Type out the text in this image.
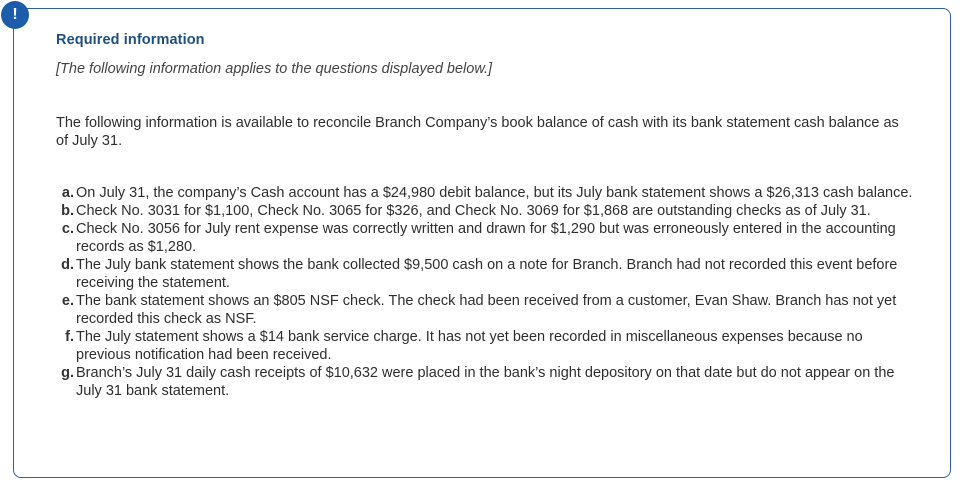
!
Required information
[The following information applies to the questions displayed below.]
The following information is available to reconcile Branch Company’s book balance of cash with its bank statement cash balance as of July 31.
a. On July 31, the company’s Cash account has a $24,980 debit balance, but its July bank statement shows a $26,313 cash balance.
b. Check No. 3031 for $1,100, Check No. 3065 for $326, and Check No. 3069 for $1,868 are outstanding checks as of July 31.
c. Check No. 3056 for July rent expense was correctly written and drawn for $1,290 but was erroneously entered in the accounting records as $1,280.
d. The July bank statement shows the bank collected $9,500 cash on a note for Branch. Branch had not recorded this event before receiving the statement.
e. The bank statement shows an $805 NSF check. The check had been received from a customer, Evan Shaw. Branch has not yet recorded this check as NSF.
f. The July statement shows a $14 bank service charge. It has not yet been recorded in miscellaneous expenses because no previous notification had been received.
g. Branch’s July 31 daily cash receipts of $10,632 were placed in the bank’s night depository on that date but do not appear on the July 31 bank statement.
